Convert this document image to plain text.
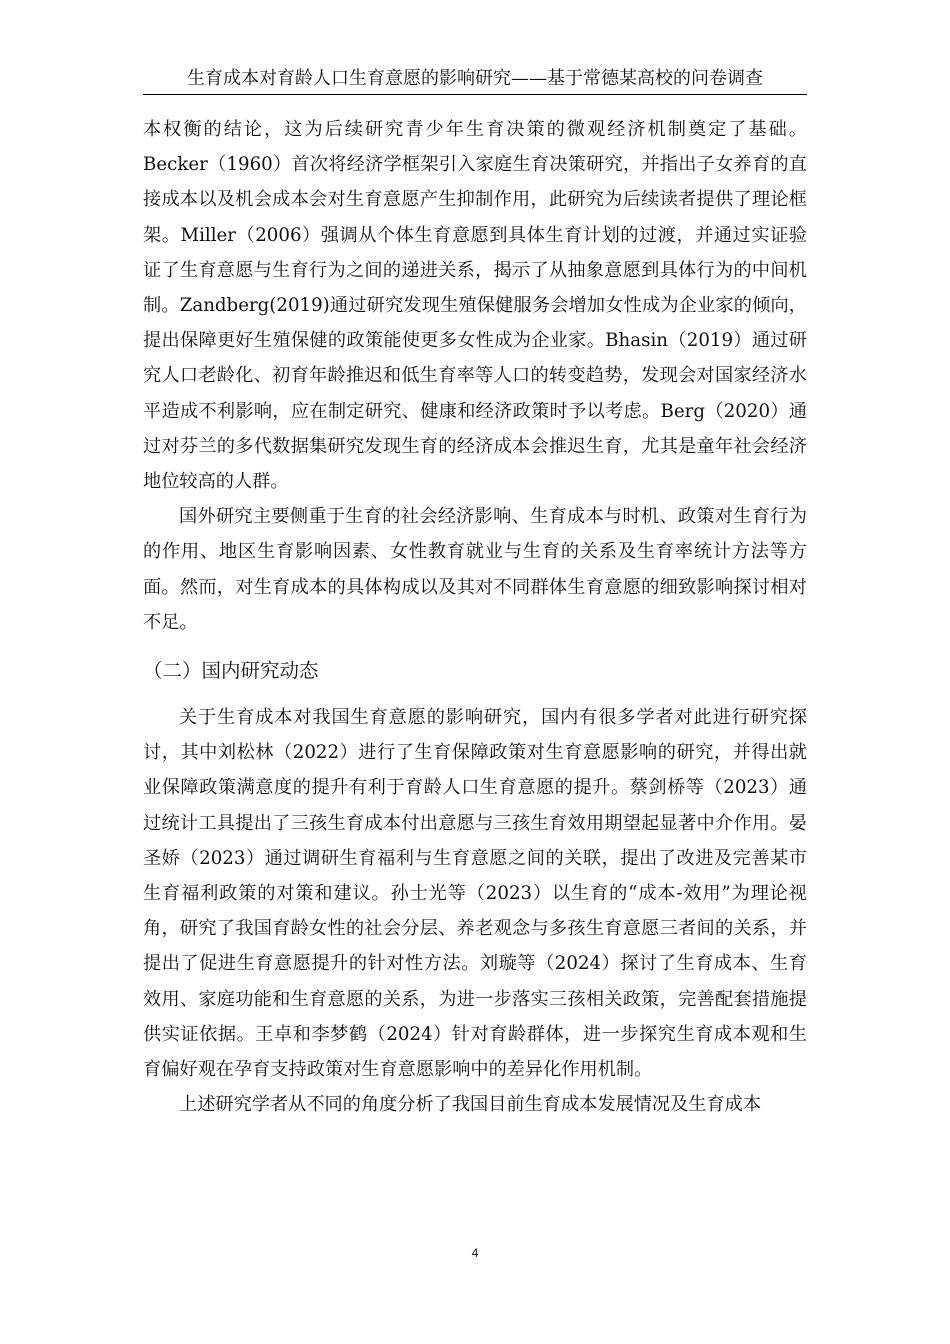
生育成本对育龄人口生育意愿的影响研究——基于常德某高校的问卷调查

本权衡的结论，这为后续研究青少年生育决策的微观经济机制奠定了基础。Becker（1960）首次将经济学框架引入家庭生育决策研究，并指出子女养育的直接成本以及机会成本会对生育意愿产生抑制作用，此研究为后续读者提供了理论框架。Miller（2006）强调从个体生育意愿到具体生育计划的过渡，并通过实证验证了生育意愿与生育行为之间的递进关系，揭示了从抽象意愿到具体行为的中间机制。Zandberg(2019)通过研究发现生殖保健服务会增加女性成为企业家的倾向，提出保障更好生殖保健的政策能使更多女性成为企业家。Bhasin（2019）通过研究人口老龄化、初育年龄推迟和低生育率等人口的转变趋势，发现会对国家经济水平造成不利影响，应在制定研究、健康和经济政策时予以考虑。Berg（2020）通过对芬兰的多代数据集研究发现生育的经济成本会推迟生育，尤其是童年社会经济地位较高的人群。

国外研究主要侧重于生育的社会经济影响、生育成本与时机、政策对生育行为的作用、地区生育影响因素、女性教育就业与生育的关系及生育率统计方法等方面。然而，对生育成本的具体构成以及其对不同群体生育意愿的细致影响探讨相对不足。

（二）国内研究动态

关于生育成本对我国生育意愿的影响研究，国内有很多学者对此进行研究探讨，其中刘松林（2022）进行了生育保障政策对生育意愿影响的研究，并得出就业保障政策满意度的提升有利于育龄人口生育意愿的提升。蔡剑桥等（2023）通过统计工具提出了三孩生育成本付出意愿与三孩生育效用期望起显著中介作用。晏圣娇（2023）通过调研生育福利与生育意愿之间的关联，提出了改进及完善某市生育福利政策的对策和建议。孙士光等（2023）以生育的“成本-效用”为理论视角，研究了我国育龄女性的社会分层、养老观念与多孩生育意愿三者间的关系，并提出了促进生育意愿提升的针对性方法。刘璇等（2024）探讨了生育成本、生育效用、家庭功能和生育意愿的关系，为进一步落实三孩相关政策，完善配套措施提供实证依据。王卓和李梦鹤（2024）针对育龄群体，进一步探究生育成本观和生育偏好观在孕育支持政策对生育意愿影响中的差异化作用机制。

上述研究学者从不同的角度分析了我国目前生育成本发展情况及生育成本

4
